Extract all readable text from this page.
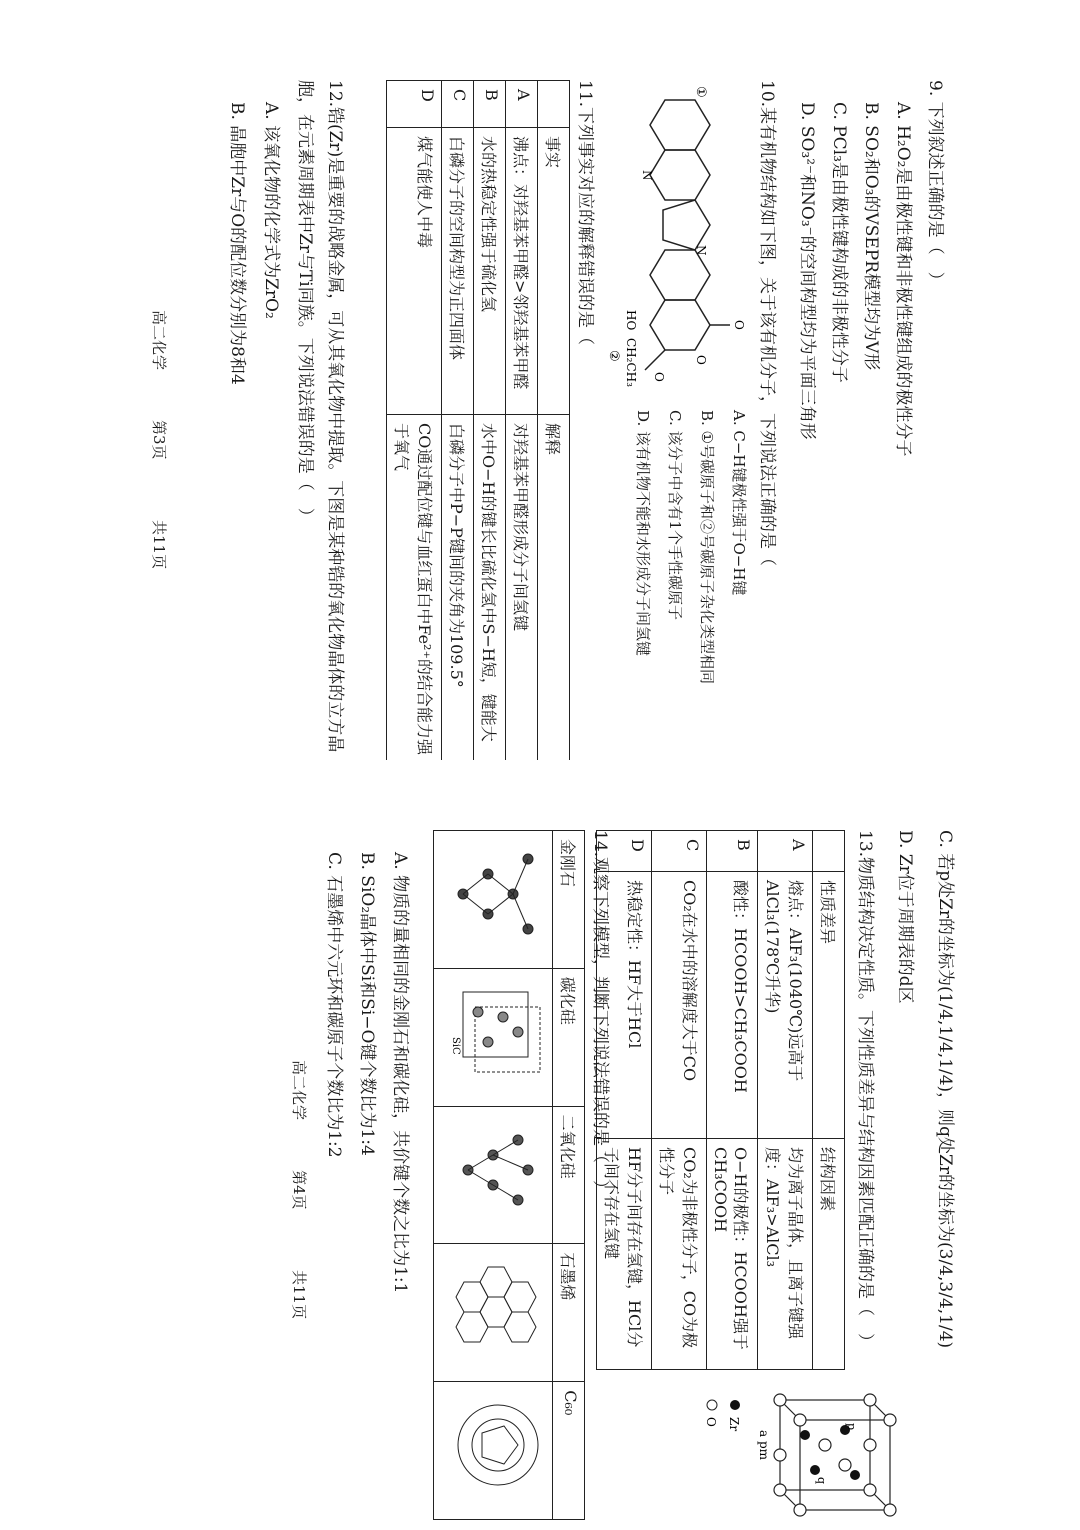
9. 下列叙述正确的是（　）
A. H₂O₂是由极性键和非极性键组成的极性分子
B. SO₂和O₃的VSEPR模型均为V形
C. PCl₃是由极性键构成的非极性分子
D. SO₃²⁻和NO₃⁻的空间构型均为平面三角形
10.某有机物结构如下图，关于该有机分子，下列说法正确的是（
A. C−H键极性强于O−H键
B. ①号碳原子和②号碳原子杂化类型相同
C. 该分子中含有1个手性碳原子
D. 该有机物不能和水形成分子间氢键
①
N
N
O
O
O
HO
CH₂CH₃
②
11.下列事实对应的解释错误的是（
	事实	解释
A	沸点：对羟基苯甲醛>邻羟基苯甲醛	对羟基苯甲醛形成分子间氢键
B	水的热稳定性强于硫化氢	水中O−H的键长比硫化氢中S−H短，键能大
C	白磷分子的空间构型为正四面体	白磷分子中P−P键间的夹角为109.5°
D	煤气能使人中毒	CO通过配位键与血红蛋白中Fe²⁺的结合能力强于氧气
12.锆(Zr)是重要的战略金属，可从其氧化物中提取。下图是某种锆的氧化物晶体的立方晶
胞，在元素周期表中Zr与Ti同族。下列说法错误的是（　）
A. 该氧化物的化学式为ZrO₂
B. 晶胞中Zr与O的配位数分别为8和4
高二化学
第3页
共11页
C. 若p处Zr的坐标为(1/4,1/4,1/4)，则q处Zr的坐标为(3/4,3/4,1/4)
D. Zr位于周期表的d区
13.物质结构决定性质。下列性质差异与结构因素匹配正确的是（　）
	性质差异	结构因素
A	熔点：AlF₃(1040℃)远高于AlCl₃(178℃升华)	均为离子晶体，且离子键强度：AlF₃>AlCl₃
B	酸性：HCOOH>CH₃COOH	O−H的极性：HCOOH强于CH₃COOH
C	CO₂在水中的溶解度大于CO	CO₂为非极性分子，CO为极性分子
D	热稳定性：HF大于HCl	HF分子间存在氢键，HCl分子间不存在氢键
p
q
a pm
Zr
O
14.观察下列模型，判断下列说法错误的是（　）
金刚石	碳化硅	二氧化硅	石墨烯	C₆₀

SiC

A. 物质的量相同的金刚石和碳化硅，共价键个数之比为1:1
B. SiO₂晶体中Si和Si−O键个数比为1:4
C. 石墨烯中六元环和碳原子个数比为1:2
高二化学
第4页
共11页
